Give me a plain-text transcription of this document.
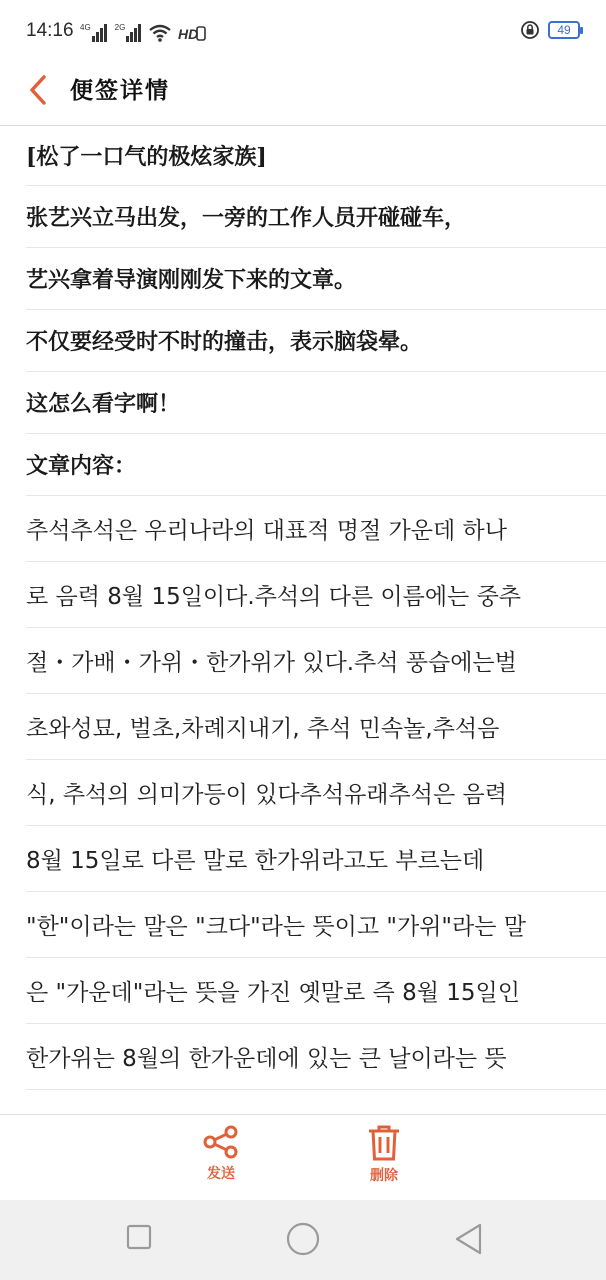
14:16 4G	2G	HD	49
便签详情
[松了一口气的极炫家族]
张艺兴立马出发，一旁的工作人员开碰碰车，
艺兴拿着导演刚刚发下来的文章。
不仅要经受时不时的撞击，表示脑袋晕。
这怎么看字啊！
文章内容：
추석추석은 우리나라의 대표적 명절 가운데 하나
로 음력 8월 15일이다.추석의 다른 이름에는 중추
절・가배・가위・한가위가 있다.추석 풍습에는벌
초와성묘, 벌초,차례지내기, 추석 민속놀,추석음
식, 추석의 의미가등이 있다추석유래추석은 음력
8월 15일로 다른 말로 한가위라고도 부르는데
"한"이라는 말은 "크다"라는 뜻이고 "가위"라는 말
은 "가운데"라는 뜻을 가진 옛말로 즉 8월 15일인
한가위는 8월의 한가운데에 있는 큰 날이라는 뜻
发送	删除
